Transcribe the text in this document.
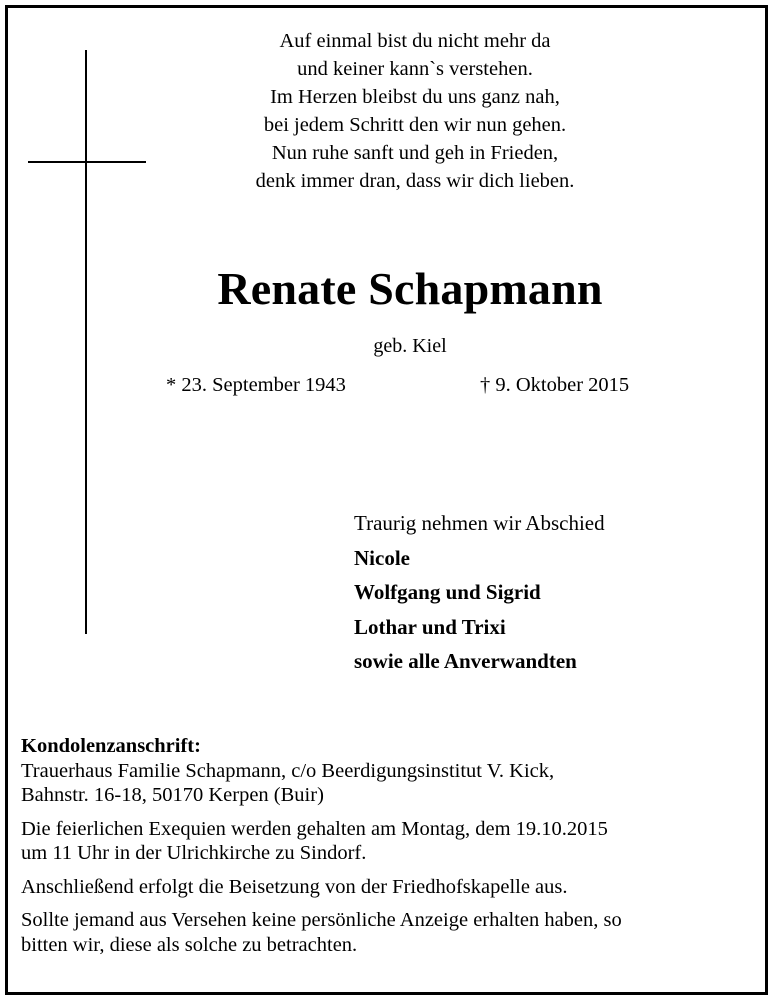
Auf einmal bist du nicht mehr da
und keiner kann`s verstehen.
Im Herzen bleibst du uns ganz nah,
bei jedem Schritt den wir nun gehen.
Nun ruhe sanft und geh in Frieden,
denk immer dran, dass wir dich lieben.
Renate Schapmann
geb. Kiel
* 23. September 1943	† 9. Oktober 2015
Traurig nehmen wir Abschied
Nicole
Wolfgang und Sigrid
Lothar und Trixi
sowie alle Anverwandten
Kondolenzanschrift:
Trauerhaus Familie Schapmann, c/o Beerdigungsinstitut V. Kick,
Bahnstr. 16-18, 50170 Kerpen (Buir)
Die feierlichen Exequien werden gehalten am Montag, dem 19.10.2015
um 11 Uhr in der Ulrichkirche zu Sindorf.
Anschließend erfolgt die Beisetzung von der Friedhofskapelle aus.
Sollte jemand aus Versehen keine persönliche Anzeige erhalten haben, so
bitten wir, diese als solche zu betrachten.
